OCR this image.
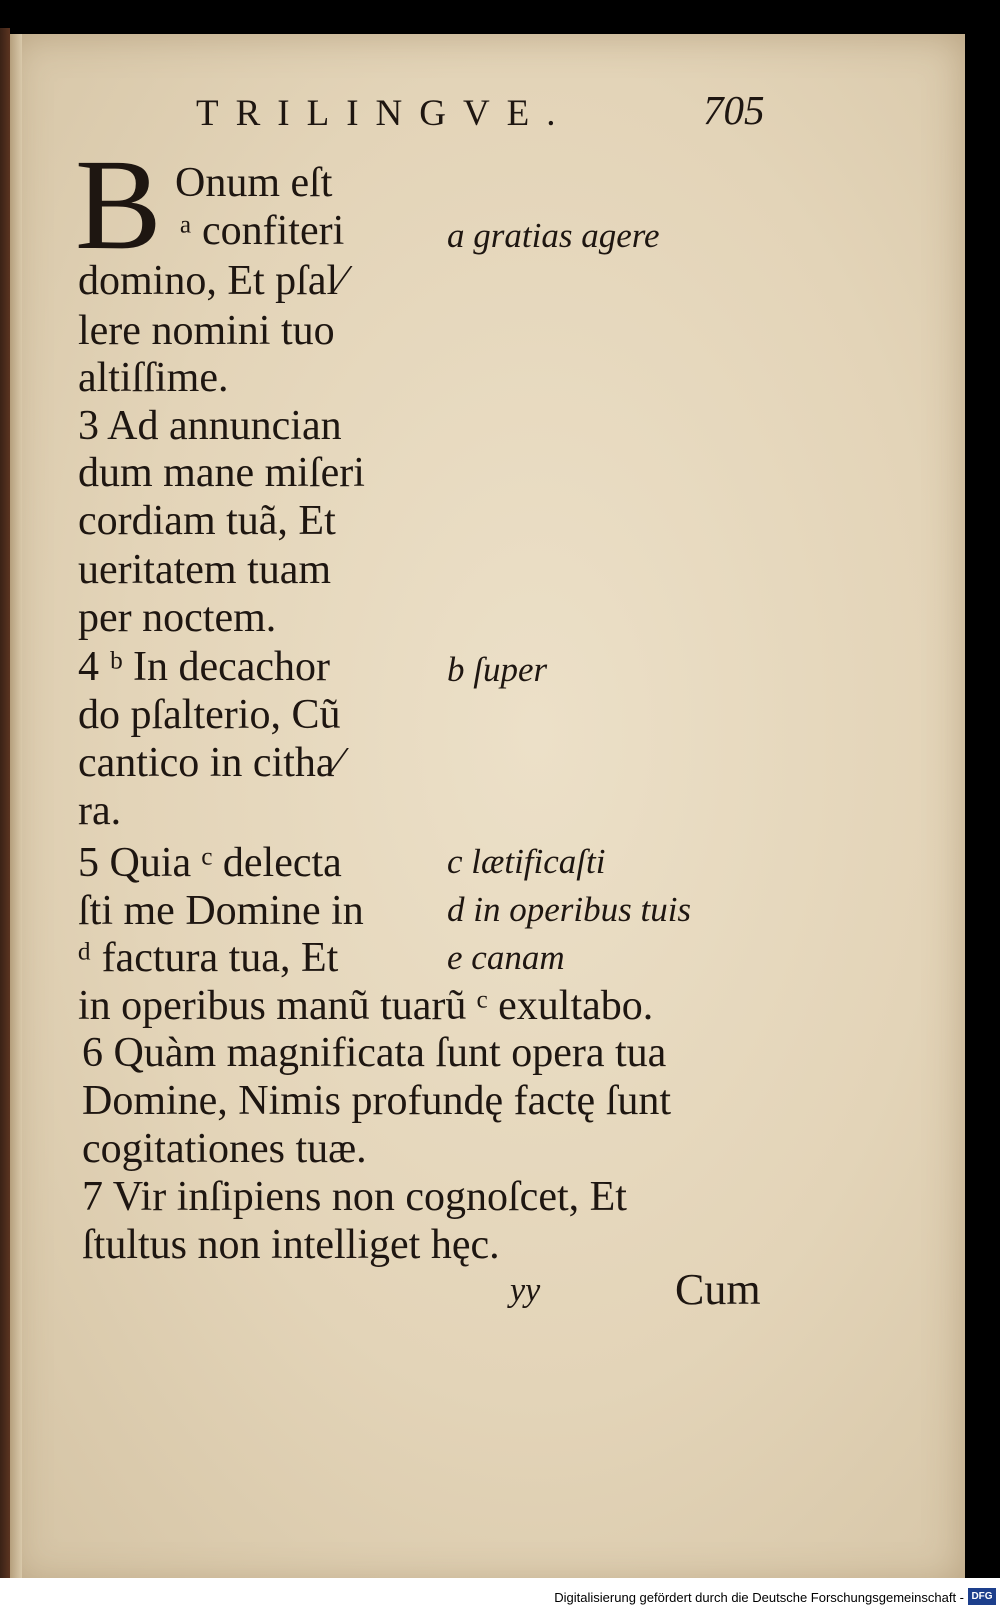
TRILINGVE.	705
B Onum eſt
ᵃ confiteri
domino, Et pſal⁄
lere nomini tuo
altiſſime.
3 Ad annuncian
dum mane miſeri
cordiam tuã, Et
ueritatem tuam
per noctem.
4 ᵇ In decachor
do pſalterio, Cũ
cantico in citha⁄
ra.
5 Quia ᶜ delecta
ſti me Domine in
ᵈ factura tua, Et
in operibus manũ tuarũ ᶜ exultabo.
6 Quàm magnificata ſunt opera tua
Domine, Nimis profundę factę ſunt
cogitationes tuæ.
7 Vir inſipiens non cognoſcet, Et
ſtultus non intelliget hęc.
a gratias agere
b ſuper
c lætificaſti
d in operibus tuis
e canam
yy	Cum
Digitalisierung gefördert durch die Deutsche Forschungsgemeinschaft - DFG
